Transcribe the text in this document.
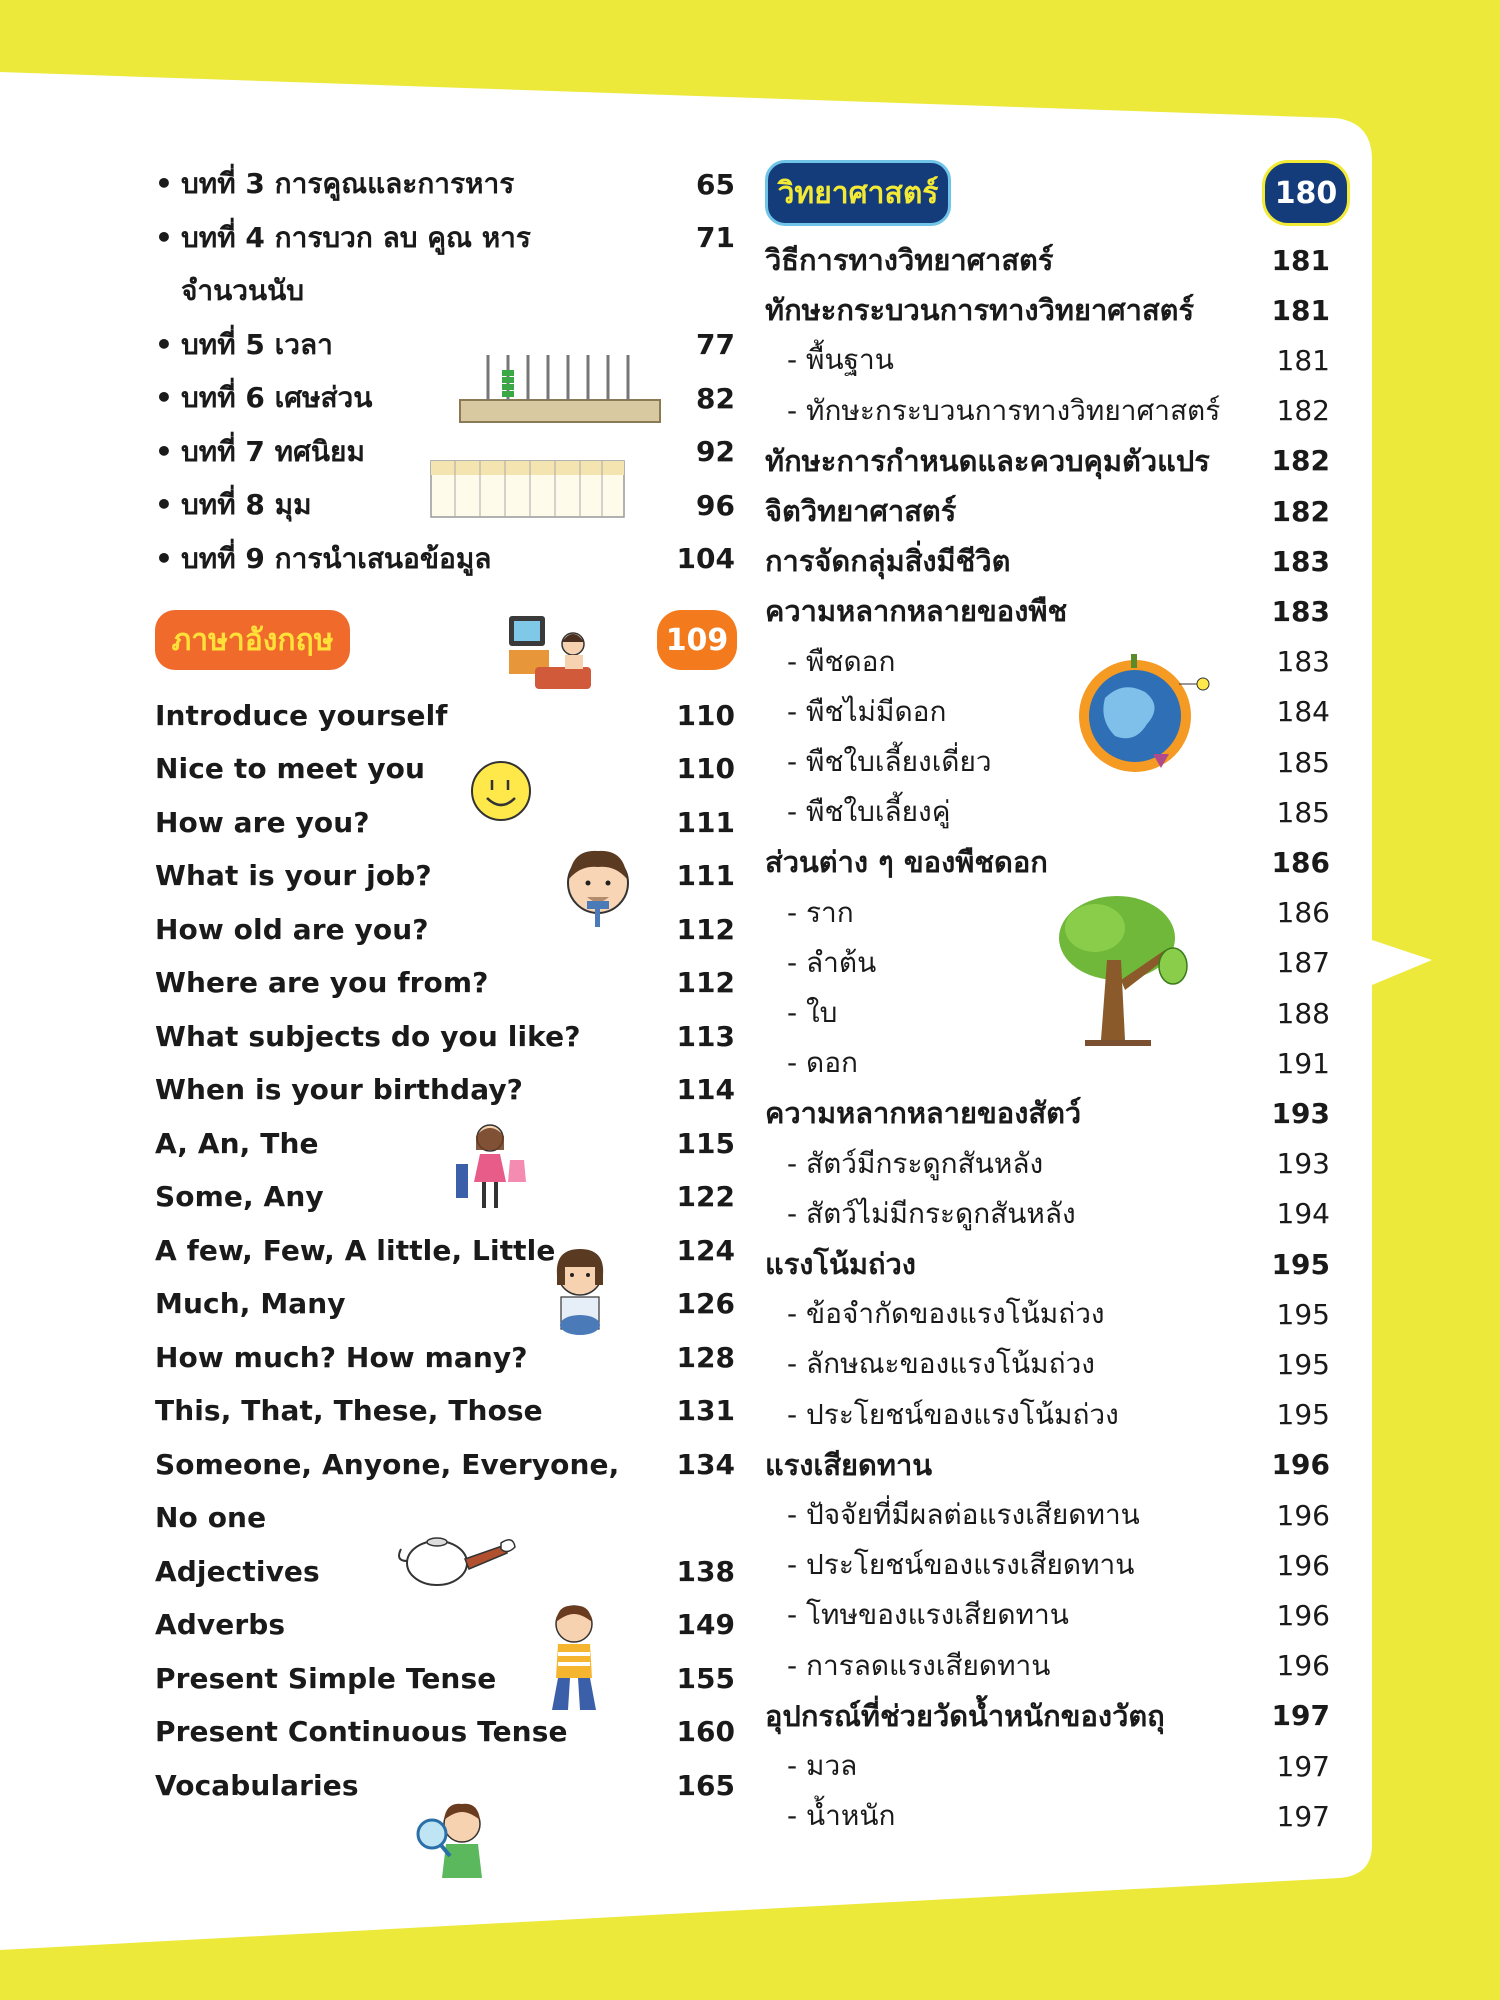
• บทที่ 3 การคูณและการหาร	65
• บทที่ 4 การบวก ลบ คูณ หาร	71
จำนวนนับ
• บทที่ 5 เวลา	77
• บทที่ 6 เศษส่วน	82
• บทที่ 7 ทศนิยม	92
• บทที่ 8 มุม	96
• บทที่ 9 การนำเสนอข้อมูล	104
ภาษาอังกฤษ	109
Introduce yourself	110
Nice to meet you	110
How are you?	111
What is your job?	111
How old are you?	112
Where are you from?	112
What subjects do you like?	113
When is your birthday?	114
A, An, The	115
Some, Any	122
A few, Few, A little, Little	124
Much, Many	126
How much? How many?	128
This, That, These, Those	131
Someone, Anyone, Everyone,	134
No one
Adjectives	138
Adverbs	149
Present Simple Tense	155
Present Continuous Tense	160
Vocabularies	165
วิทยาศาสตร์	180
วิธีการทางวิทยาศาสตร์	181
ทักษะกระบวนการทางวิทยาศาสตร์	181
- พื้นฐาน	181
- ทักษะกระบวนการทางวิทยาศาสตร์	182
ทักษะการกำหนดและควบคุมตัวแปร	182
จิตวิทยาศาสตร์	182
การจัดกลุ่มสิ่งมีชีวิต	183
ความหลากหลายของพืช	183
- พืชดอก	183
- พืชไม่มีดอก	184
- พืชใบเลี้ยงเดี่ยว	185
- พืชใบเลี้ยงคู่	185
ส่วนต่าง ๆ ของพืชดอก	186
- ราก	186
- ลำต้น	187
- ใบ	188
- ดอก	191
ความหลากหลายของสัตว์	193
- สัตว์มีกระดูกสันหลัง	193
- สัตว์ไม่มีกระดูกสันหลัง	194
แรงโน้มถ่วง	195
- ข้อจำกัดของแรงโน้มถ่วง	195
- ลักษณะของแรงโน้มถ่วง	195
- ประโยชน์ของแรงโน้มถ่วง	195
แรงเสียดทาน	196
- ปัจจัยที่มีผลต่อแรงเสียดทาน	196
- ประโยชน์ของแรงเสียดทาน	196
- โทษของแรงเสียดทาน	196
- การลดแรงเสียดทาน	196
อุปกรณ์ที่ช่วยวัดน้ำหนักของวัตถุ	197
- มวล	197
- น้ำหนัก	197
